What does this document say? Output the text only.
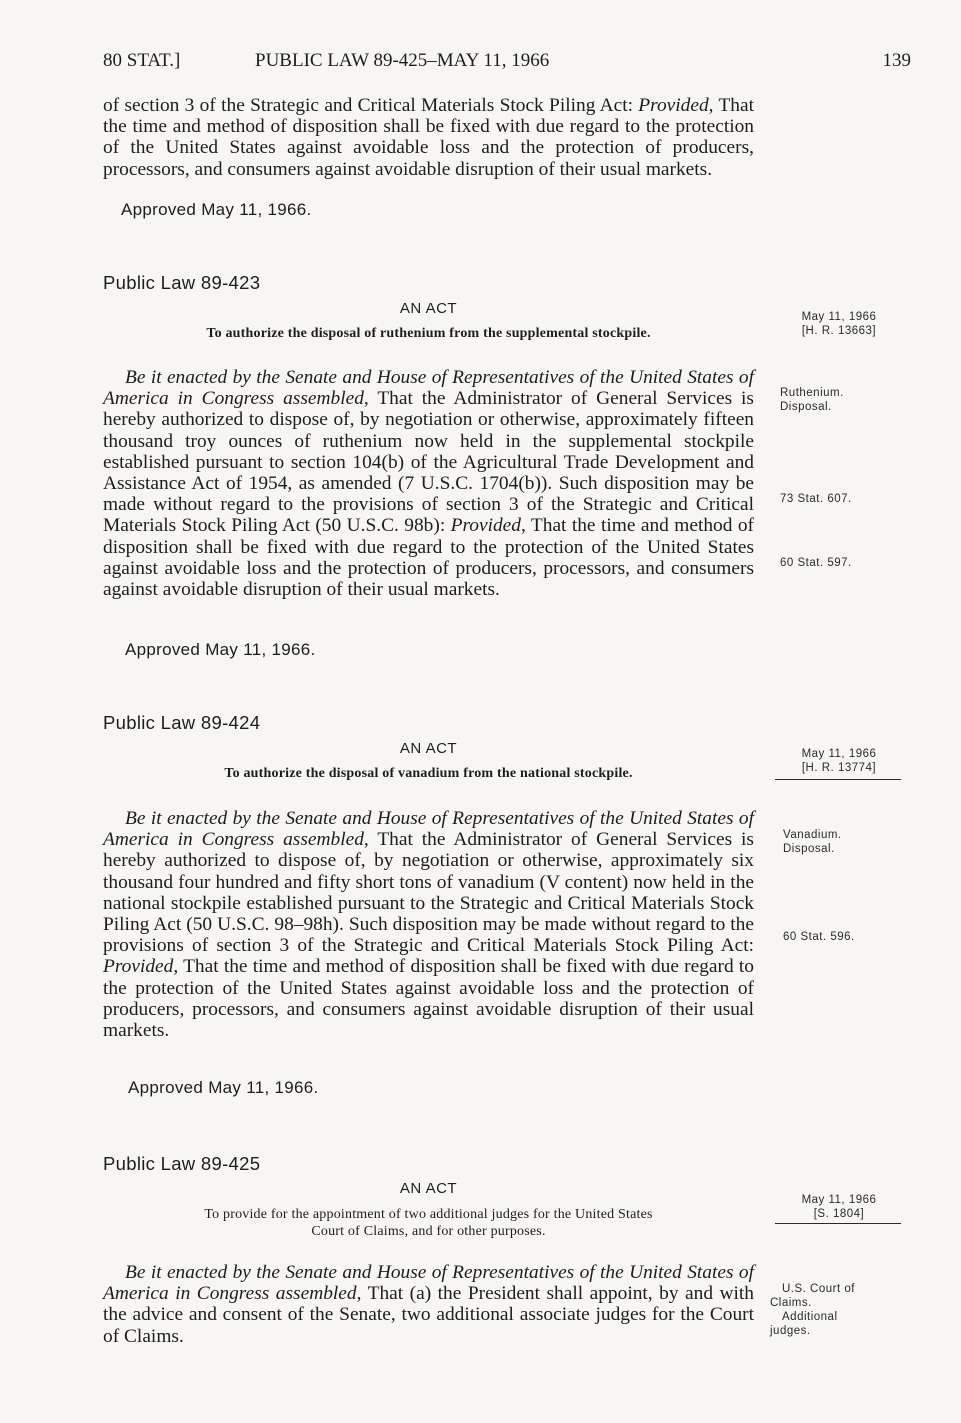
80 STAT.]	PUBLIC LAW 89-425–MAY 11, 1966	139

of section 3 of the Strategic and Critical Materials Stock Piling Act: Provided, That the time and method of disposition shall be fixed with due regard to the protection of the United States against avoidable loss and the protection of producers, processors, and consumers against avoidable disruption of their usual markets.

Approved May 11, 1966.
Public Law 89-423
AN ACT
To authorize the disposal of ruthenium from the supplemental stockpile.
May 11, 1966
[H. R. 13663]
Ruthenium.
Disposal.
73 Stat. 607.
60 Stat. 597.

Be it enacted by the Senate and House of Representatives of the United States of America in Congress assembled, That the Administrator of General Services is hereby authorized to dispose of, by negotiation or otherwise, approximately fifteen thousand troy ounces of ruthenium now held in the supplemental stockpile established pursuant to section 104(b) of the Agricultural Trade Development and Assistance Act of 1954, as amended (7 U.S.C. 1704(b)). Such disposition may be made without regard to the provisions of section 3 of the Strategic and Critical Materials Stock Piling Act (50 U.S.C. 98b): Provided, That the time and method of disposition shall be fixed with due regard to the protection of the United States against avoidable loss and the protection of producers, processors, and consumers against avoidable disruption of their usual markets.

Approved May 11, 1966.
Public Law 89-424
AN ACT
To authorize the disposal of vanadium from the national stockpile.
May 11, 1966
[H. R. 13774]
Vanadium.
Disposal.
60 Stat. 596.

Be it enacted by the Senate and House of Representatives of the United States of America in Congress assembled, That the Administrator of General Services is hereby authorized to dispose of, by negotiation or otherwise, approximately six thousand four hundred and fifty short tons of vanadium (V content) now held in the national stockpile established pursuant to the Strategic and Critical Materials Stock Piling Act (50 U.S.C. 98–98h). Such disposition may be made without regard to the provisions of section 3 of the Strategic and Critical Materials Stock Piling Act: Provided, That the time and method of disposition shall be fixed with due regard to the protection of the United States against avoidable loss and the protection of producers, processors, and consumers against avoidable disruption of their usual markets.

Approved May 11, 1966.
Public Law 89-425
AN ACT
To provide for the appointment of two additional judges for the United States
Court of Claims, and for other purposes.
May 11, 1966
[S. 1804]
U.S. Court of
Claims.
Additional
judges.

Be it enacted by the Senate and House of Representatives of the United States of America in Congress assembled, That (a) the President shall appoint, by and with the advice and consent of the Senate, two additional associate judges for the Court of Claims.
